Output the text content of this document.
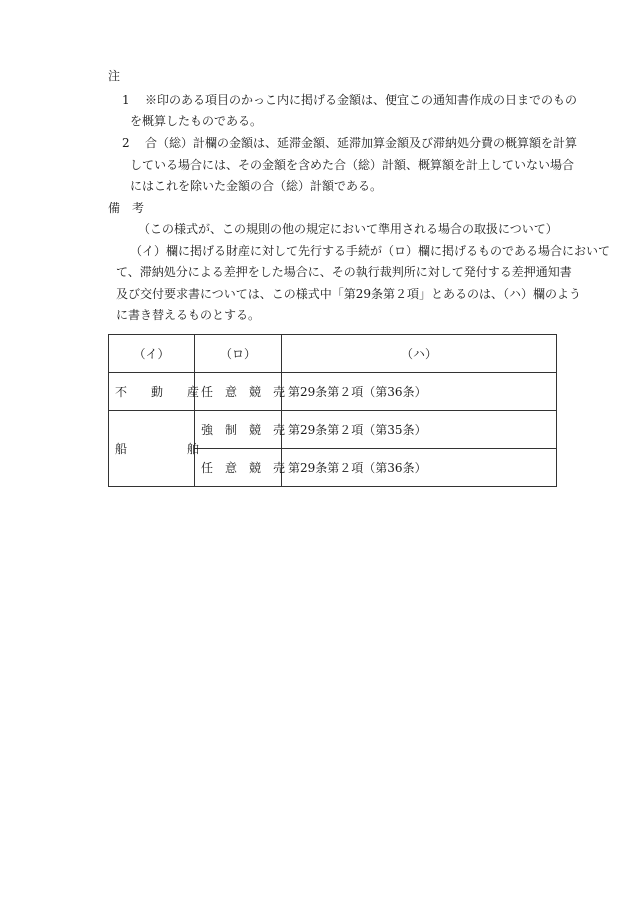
注
1 ※印のある項目のかっこ内に掲げる金額は、便宜この通知書作成の日までのもの
を概算したものである。
2 合（総）計欄の金額は、延滞金額、延滞加算金額及び滞納処分費の概算額を計算
している場合には、その金額を含めた合（総）計額、概算額を計上していない場合
にはこれを除いた金額の合（総）計額である。
備　考
（この様式が、この規則の他の規定において準用される場合の取扱について）
（イ）欄に掲げる財産に対して先行する手続が（ロ）欄に掲げるものである場合において
て、滞納処分による差押をした場合に、その執行裁判所に対して発付する差押通知書
及び交付要求書については、この様式中「第29条第２項」とあるのは、（ハ）欄のよう
に書き替えるものとする。
（イ）	（ロ）	（ハ）
不　　動　　産	任　意　競　売	第29条第２項（第36条）
船　　　　　舶	強　制　競　売	第29条第２項（第35条）
	任　意　競　売	第29条第２項（第36条）
